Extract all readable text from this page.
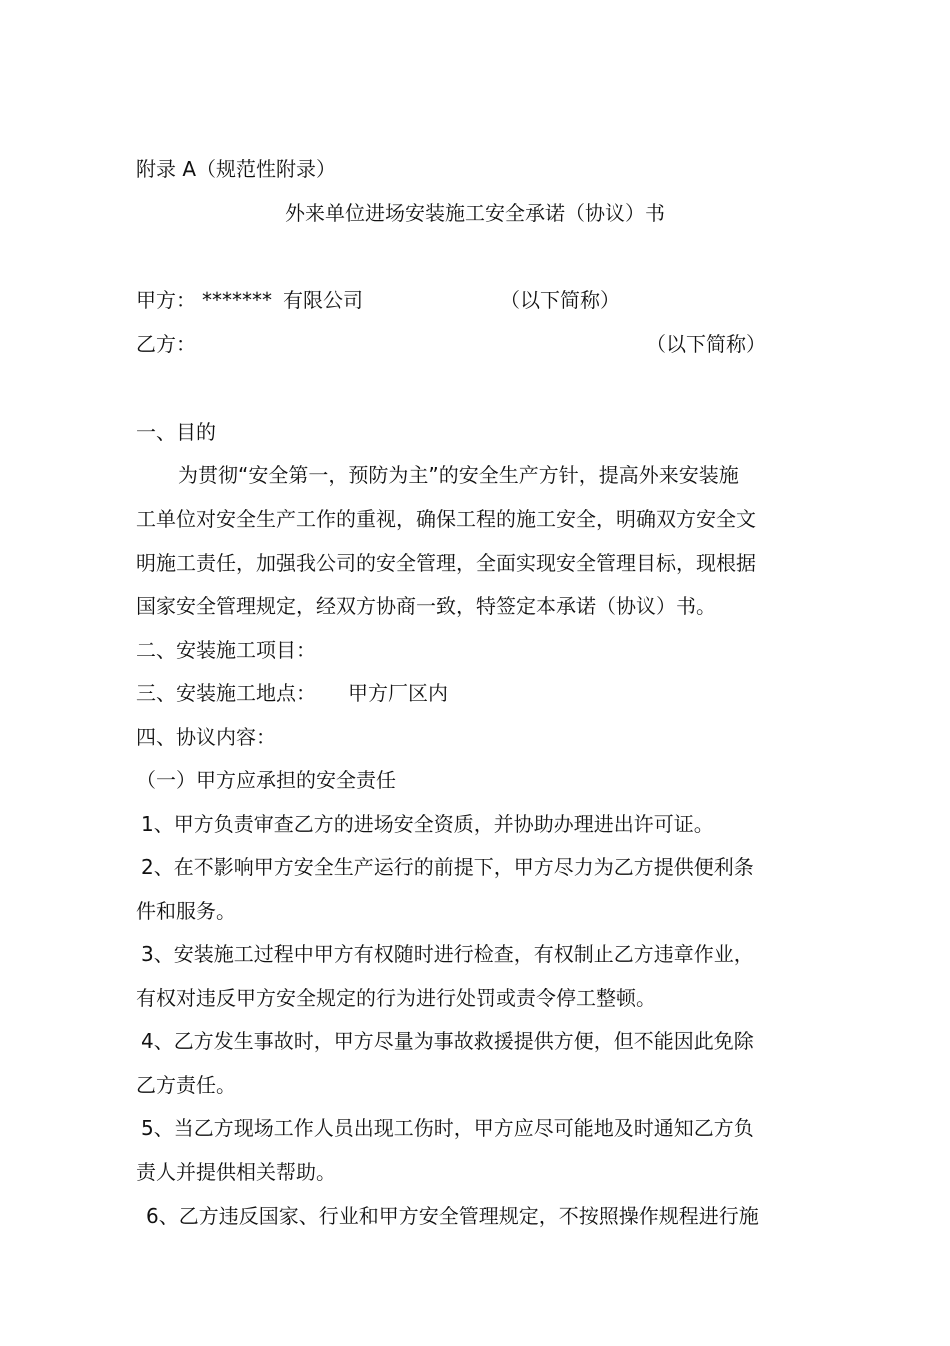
附录 A（规范性附录）
外来单位进场安装施工安全承诺（协议）书
甲方： ******* 有限公司	（以下简称）
乙方：	（以下简称）
一、目的
为贯彻“安全第一，预防为主”的安全生产方针，提高外来安装施
工单位对安全生产工作的重视，确保工程的施工安全，明确双方安全文
明施工责任，加强我公司的安全管理，全面实现安全管理目标，现根据
国家安全管理规定，经双方协商一致，特签定本承诺（协议）书。
二、安装施工项目：
三、安装施工地点： 甲方厂区内
四、协议内容：
（一）甲方应承担的安全责任
1、甲方负责审查乙方的进场安全资质，并协助办理进出许可证。
2、在不影响甲方安全生产运行的前提下，甲方尽力为乙方提供便利条
件和服务。
3、安装施工过程中甲方有权随时进行检查，有权制止乙方违章作业，
有权对违反甲方安全规定的行为进行处罚或责令停工整顿。
4、乙方发生事故时，甲方尽量为事故救援提供方便，但不能因此免除
乙方责任。
5、当乙方现场工作人员出现工伤时，甲方应尽可能地及时通知乙方负
责人并提供相关帮助。
6、乙方违反国家、行业和甲方安全管理规定，不按照操作规程进行施
